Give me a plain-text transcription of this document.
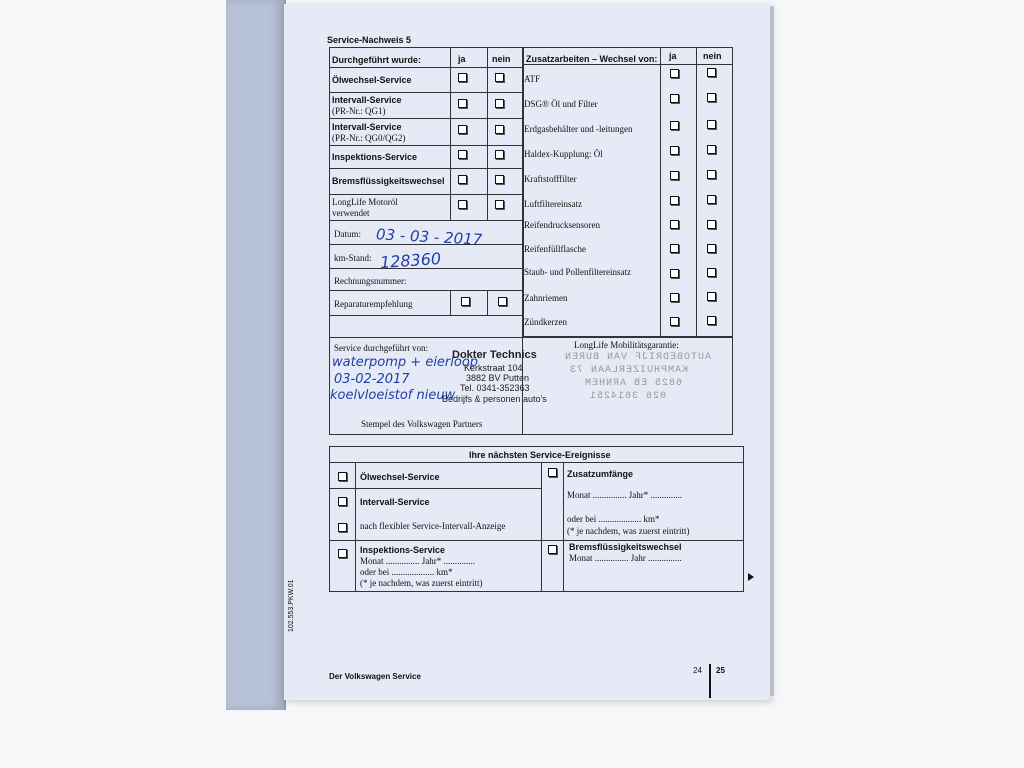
Service-Nachweis 5
Durchgeführt wurde:	ja	nein
Ölwechsel-Service
Intervall-Service
(PR-Nr.: QG1)
Intervall-Service
(PR-Nr.: QG0/QG2)
Inspektions-Service
Bremsflüssigkeitswechsel
LongLife Motoröl
verwendet
Datum: 03 - 03 - 2017
km-Stand: 128360
Rechnungsnummer:
Reparaturempfehlung
Zusatzarbeiten – Wechsel von: ja	nein
ATF
DSG® Öl und Filter
Erdgasbehälter und -leitungen
Haldex-Kupplung: Öl
Kraftstofffilter
Luftfiltereinsatz
Reifendrucksensoren
Reifenfüllflasche
Staub- und Pollenfiltereinsatz
Zahnriemen
Zündkerzen
Service durchgeführt von:	LongLife Mobilitätsgarantie:
waterpomp + eierloop
03-02-2017
koelvloeistof nieuw
Dokter Technics
Kerkstraat 104
3882 BV Putten
Tel. 0341-352363
Bedrijfs & personen auto's
AUTOBEDRIJF VAN BUREN
KAMPHUIZERLAAN 73
6825 EB ARNHEM
026 3614251
Stempel des Volkswagen Partners
Ihre nächsten Service-Ereignisse
Ölwechsel-Service
Intervall-Service
nach flexibler Service-Intervall-Anzeige
Zusatzumfänge
Monat ............... Jahr* ..............
oder bei ................... km*
(* je nachdem, was zuerst eintritt)
Inspektions-Service
Monat ............... Jahr* ..............
oder bei ................... km*
(* je nachdem, was zuerst eintritt)
Bremsflüssigkeitswechsel
Monat ............... Jahr ...............
102.553.PKW.01
Der Volkswagen Service
24 25
